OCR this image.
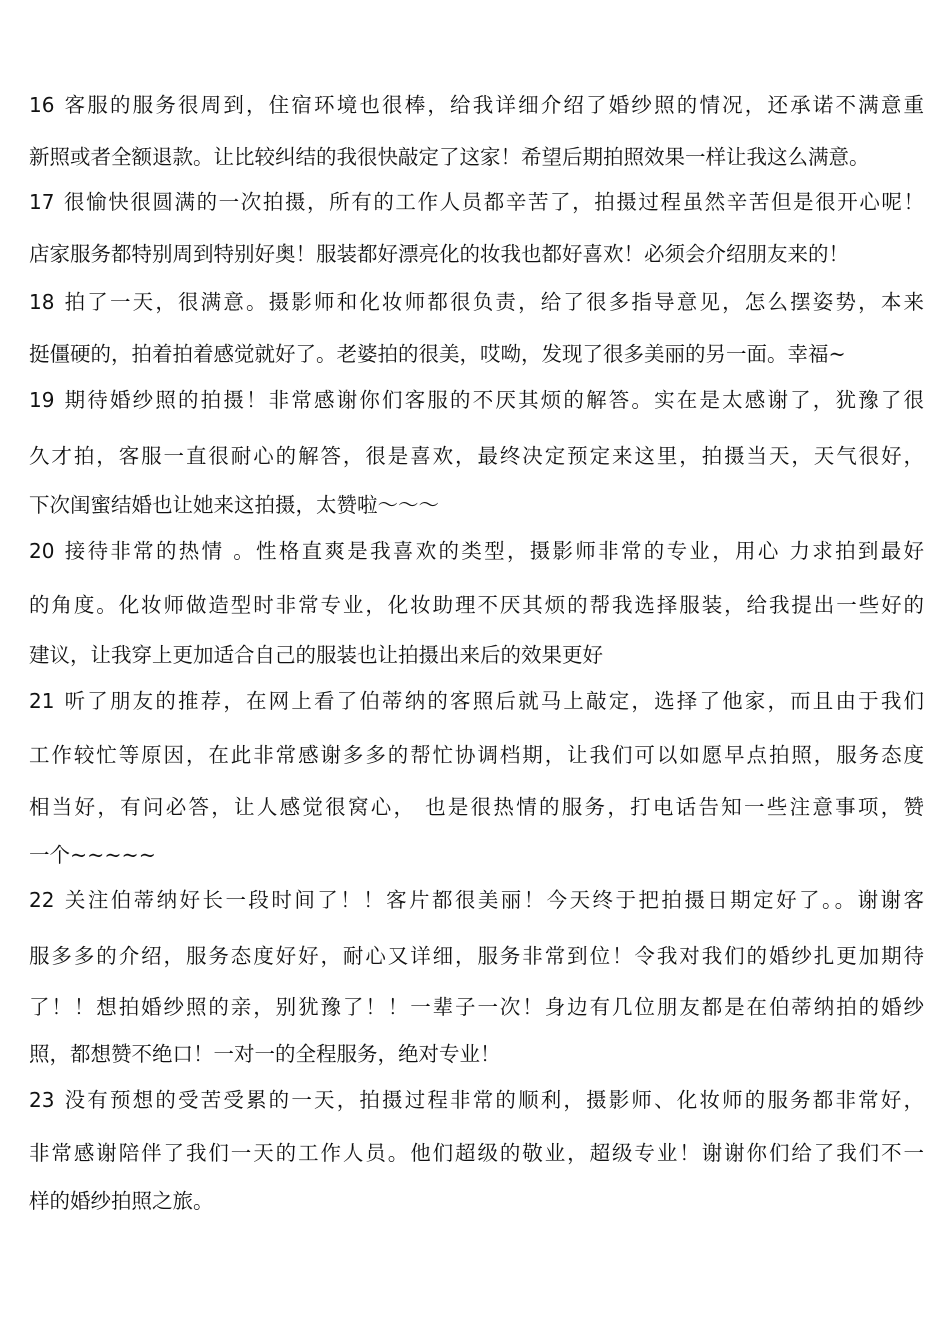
16 客服的服务很周到，住宿环境也很棒，给我详细介绍了婚纱照的情况，还承诺不满意重
新照或者全额退款。让比较纠结的我很快敲定了这家！希望后期拍照效果一样让我这么满意。
17 很愉快很圆满的一次拍摄，所有的工作人员都辛苦了，拍摄过程虽然辛苦但是很开心呢！
店家服务都特别周到特别好奥！服装都好漂亮化的妆我也都好喜欢！必须会介绍朋友来的！
18 拍了一天，很满意。摄影师和化妆师都很负责，给了很多指导意见，怎么摆姿势，本来
挺僵硬的，拍着拍着感觉就好了。老婆拍的很美，哎呦，发现了很多美丽的另一面。幸福~
19 期待婚纱照的拍摄！非常感谢你们客服的不厌其烦的解答。实在是太感谢了，犹豫了很
久才拍，客服一直很耐心的解答，很是喜欢，最终决定预定来这里，拍摄当天，天气很好，
下次闺蜜结婚也让她来这拍摄，太赞啦～～～
20 接待非常的热情 。性格直爽是我喜欢的类型，摄影师非常的专业，用心 力求拍到最好
的角度。化妆师做造型时非常专业，化妆助理不厌其烦的帮我选择服装，给我提出一些好的
建议，让我穿上更加适合自己的服装也让拍摄出来后的效果更好
21 听了朋友的推荐，在网上看了伯蒂纳的客照后就马上敲定，选择了他家，而且由于我们
工作较忙等原因，在此非常感谢多多的帮忙协调档期，让我们可以如愿早点拍照，服务态度
相当好，有问必答，让人感觉很窝心， 也是很热情的服务，打电话告知一些注意事项，赞
一个~~~~~
22 关注伯蒂纳好长一段时间了！！客片都很美丽！今天终于把拍摄日期定好了。。谢谢客
服多多的介绍，服务态度好好，耐心又详细，服务非常到位！令我对我们的婚纱扎更加期待
了！！想拍婚纱照的亲，别犹豫了！！一辈子一次！身边有几位朋友都是在伯蒂纳拍的婚纱
照，都想赞不绝口！一对一的全程服务，绝对专业！
23 没有预想的受苦受累的一天，拍摄过程非常的顺利，摄影师、化妆师的服务都非常好，
非常感谢陪伴了我们一天的工作人员。他们超级的敬业，超级专业！谢谢你们给了我们不一
样的婚纱拍照之旅。
